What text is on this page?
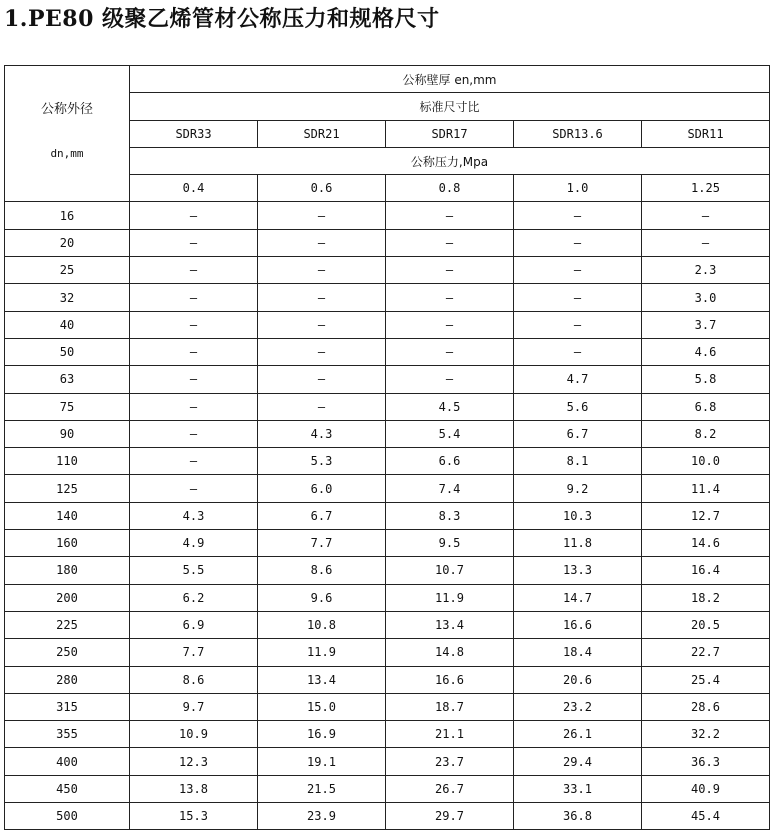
1.PE80 级聚乙烯管材公称压力和规格尺寸
公称外径
dn,mm	公称壁厚 en,mm				
	标准尺寸比				
	SDR33	SDR21	SDR17	SDR13.6	SDR11
	公称压力,Mpa				
	0.4	0.6	0.8	1.0	1.25
16	—	—	—	—	—
20	—	—	—	—	—
25	—	—	—	—	2.3
32	—	—	—	—	3.0
40	—	—	—	—	3.7
50	—	—	—	—	4.6
63	—	—	—	4.7	5.8
75	—	—	4.5	5.6	6.8
90	—	4.3	5.4	6.7	8.2
110	—	5.3	6.6	8.1	10.0
125	—	6.0	7.4	9.2	11.4
140	4.3	6.7	8.3	10.3	12.7
160	4.9	7.7	9.5	11.8	14.6
180	5.5	8.6	10.7	13.3	16.4
200	6.2	9.6	11.9	14.7	18.2
225	6.9	10.8	13.4	16.6	20.5
250	7.7	11.9	14.8	18.4	22.7
280	8.6	13.4	16.6	20.6	25.4
315	9.7	15.0	18.7	23.2	28.6
355	10.9	16.9	21.1	26.1	32.2
400	12.3	19.1	23.7	29.4	36.3
450	13.8	21.5	26.7	33.1	40.9
500	15.3	23.9	29.7	36.8	45.4
